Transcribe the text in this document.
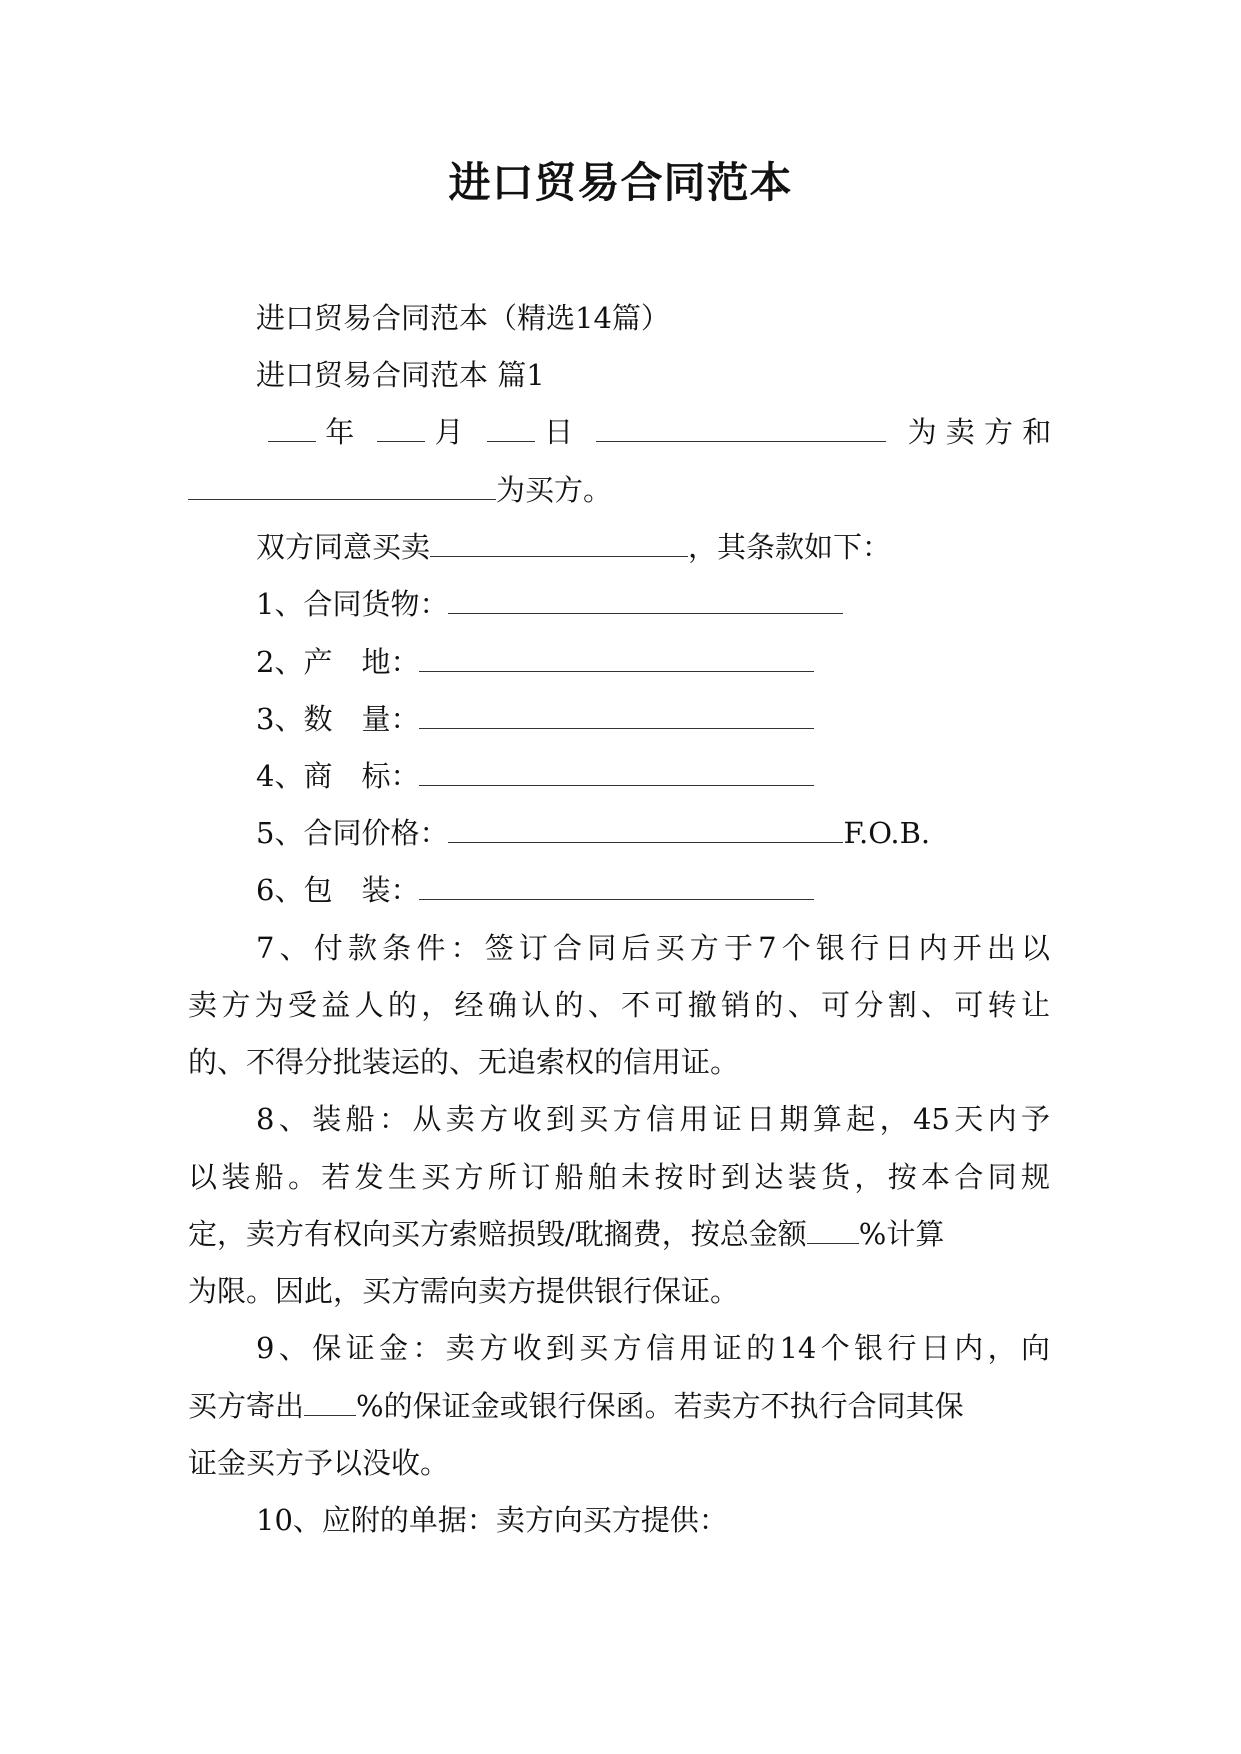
进口贸易合同范本
进口贸易合同范本（精选14篇）
进口贸易合同范本 篇1
年	月	日	为 卖 方 和
为买方。
双方同意买卖	，其条款如下：
1、合同货物：
2、产　地：
3、数　量：
4、商　标：
5、合同价格：	F.O.B.
6、包　装：
7、付款条件：签订合同后买方于7个银行日内开出以
卖方为受益人的，经确认的、不可撤销的、可分割、可转让
的、不得分批装运的、无追索权的信用证。
8、装船：从卖方收到买方信用证日期算起，45天内予
以装船。若发生买方所订船舶未按时到达装货，按本合同规
定，卖方有权向买方索赔损毁/耽搁费，按总金额 %计算
为限。因此，买方需向卖方提供银行保证。
9、保证金：卖方收到买方信用证的14个银行日内，向
买方寄出 %的保证金或银行保函。若卖方不执行合同其保
证金买方予以没收。
10、应附的单据：卖方向买方提供：
